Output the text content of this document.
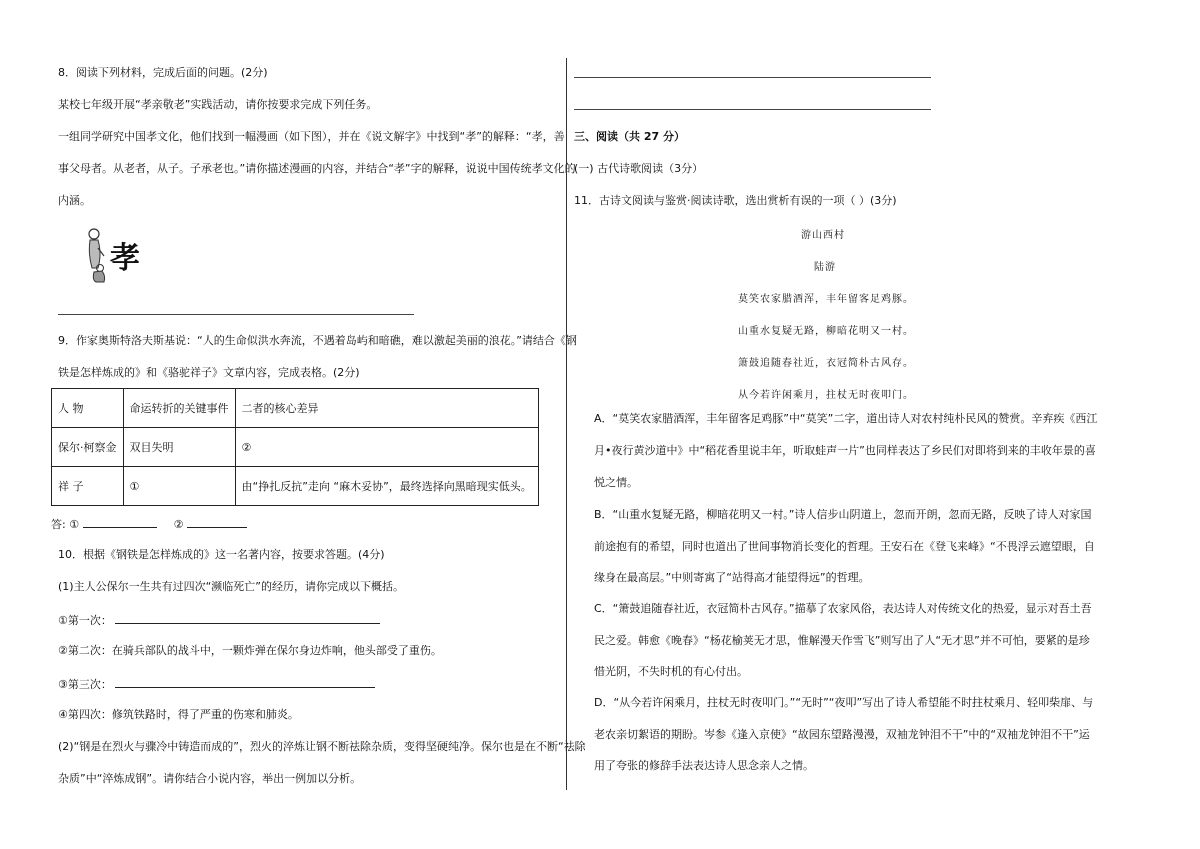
8．阅读下列材料，完成后面的问题。(2分)
某校七年级开展“孝亲敬老”实践活动，请你按要求完成下列任务。
一组同学研究中国孝文化，他们找到一幅漫画（如下图），并在《说文解字》中找到“孝”的解释：“孝，善
事父母者。从老者，从子。子承老也。”请你描述漫画的内容，并结合“孝”字的解释，说说中国传统孝文化的
内涵。
孝
9．作家奥斯特洛夫斯基说：“人的生命似洪水奔流，不遇着岛屿和暗礁，难以激起美丽的浪花。”请结合《钢
铁是怎样炼成的》和《骆驼祥子》文章内容，完成表格。(2分)
人 物	命运转折的关键事件	二者的核心差异
保尔·柯察金	双目失明	②
祥 子	①	由“挣扎反抗”走向 “麻木妥协”，最终选择向黑暗现实低头。
答: ①	②
10．根据《钢铁是怎样炼成的》这一名著内容，按要求答题。(4分)
(1)主人公保尔一生共有过四次“濒临死亡”的经历，请你完成以下概括。
①第一次：
②第二次：在骑兵部队的战斗中，一颗炸弹在保尔身边炸响，他头部受了重伤。
③第三次：
④第四次：修筑铁路时，得了严重的伤寒和肺炎。
(2)“钢是在烈火与骤冷中铸造而成的”，烈火的淬炼让钢不断祛除杂质，变得坚硬纯净。保尔也是在不断“祛除
杂质”中“淬炼成钢”。请你结合小说内容，举出一例加以分析。
三、阅读（共 27 分）
(一) 古代诗歌阅读（3分）
11．古诗文阅读与鉴赏·阅读诗歌，选出赏析有误的一项（ ）(3分)
游山西村
陆游
莫笑农家腊酒浑，丰年留客足鸡豚。
山重水复疑无路，柳暗花明又一村。
箫鼓追随春社近，衣冠简朴古风存。
从今若许闲乘月，拄杖无时夜叩门。
A．“莫笑农家腊酒浑，丰年留客足鸡豚”中“莫笑”二字，道出诗人对农村纯朴民风的赞赏。辛弃疾《西江
月•夜行黄沙道中》中“稻花香里说丰年，听取蛙声一片”也同样表达了乡民们对即将到来的丰收年景的喜
悦之情。
B．“山重水复疑无路，柳暗花明又一村。”诗人信步山阴道上，忽而开朗，忽而无路，反映了诗人对家国
前途抱有的希望，同时也道出了世间事物消长变化的哲理。王安石在《登飞来峰》“不畏浮云遮望眼，自
缘身在最高层。”中则寄寓了“站得高才能望得远”的哲理。
C．“箫鼓追随春社近，衣冠简朴古风存。”描摹了农家风俗，表达诗人对传统文化的热爱，显示对吾土吾
民之爱。韩愈《晚春》“杨花榆荚无才思，惟解漫天作雪飞”则写出了人“无才思”并不可怕，要紧的是珍
惜光阴，不失时机的有心付出。
D．“从今若许闲乘月，拄杖无时夜叩门。”“无时”“夜叩”写出了诗人希望能不时拄杖乘月、轻叩柴扉、与
老农亲切絮语的期盼。岑参《逢入京使》“故园东望路漫漫，双袖龙钟泪不干”中的“双袖龙钟泪不干”运
用了夸张的修辞手法表达诗人思念亲人之情。
